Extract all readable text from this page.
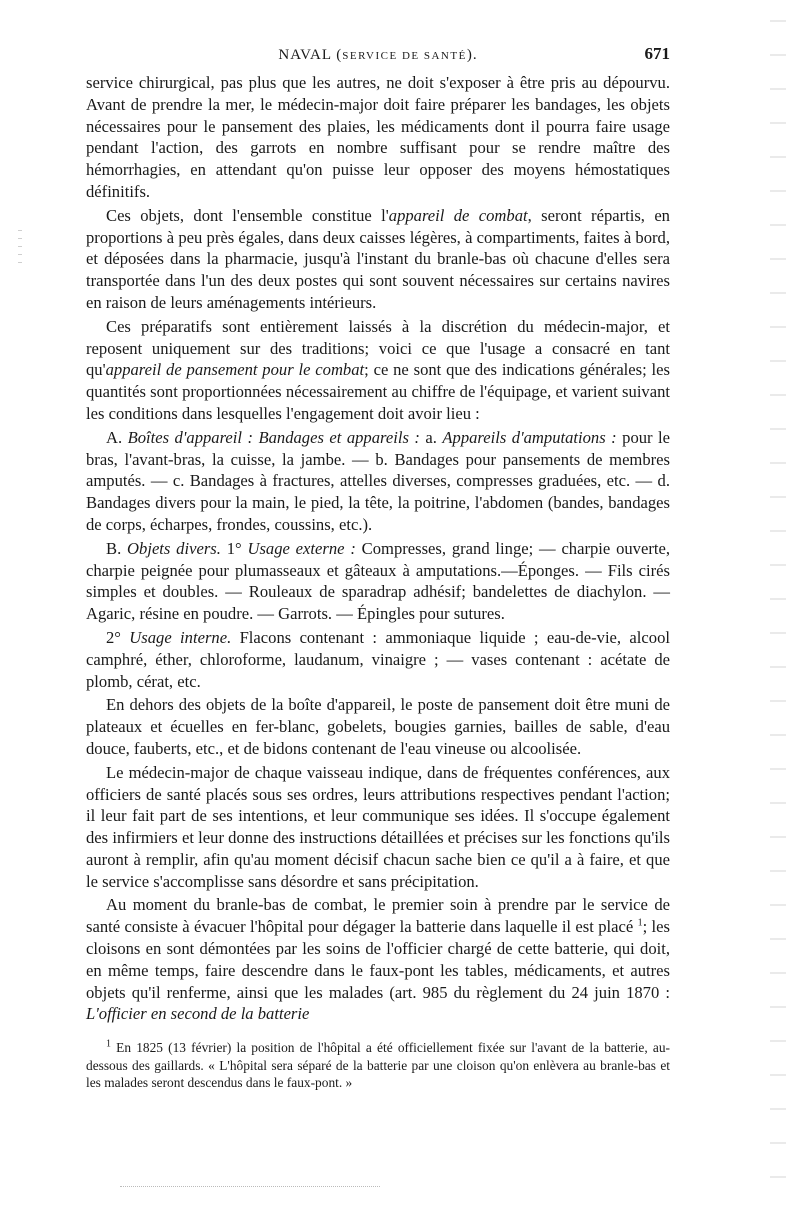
NAVAL (SERVICE DE SANTÉ).	671

service chirurgical, pas plus que les autres, ne doit s'exposer à être pris au dépourvu. Avant de prendre la mer, le médecin-major doit faire préparer les bandages, les objets nécessaires pour le pansement des plaies, les médicaments dont il pourra faire usage pendant l'action, des garrots en nombre suffisant pour se rendre maître des hémorrhagies, en attendant qu'on puisse leur opposer des moyens hémostatiques définitifs.

Ces objets, dont l'ensemble constitue l'appareil de combat, seront répartis, en proportions à peu près égales, dans deux caisses légères, à compartiments, faites à bord, et déposées dans la pharmacie, jusqu'à l'instant du branle-bas où chacune d'elles sera transportée dans l'un des deux postes qui sont souvent nécessaires sur certains navires en raison de leurs aménagements intérieurs.

Ces préparatifs sont entièrement laissés à la discrétion du médecin-major, et reposent uniquement sur des traditions; voici ce que l'usage a consacré en tant qu'appareil de pansement pour le combat; ce ne sont que des indications générales; les quantités sont proportionnées nécessairement au chiffre de l'équipage, et varient suivant les conditions dans lesquelles l'engagement doit avoir lieu :

A. Boîtes d'appareil : Bandages et appareils : a. Appareils d'amputations : pour le bras, l'avant-bras, la cuisse, la jambe. — b. Bandages pour pansements de membres amputés. — c. Bandages à fractures, attelles diverses, compresses graduées, etc. — d. Bandages divers pour la main, le pied, la tête, la poitrine, l'abdomen (bandes, bandages de corps, écharpes, frondes, coussins, etc.).

B. Objets divers. 1° Usage externe : Compresses, grand linge; — charpie ouverte, charpie peignée pour plumasseaux et gâteaux à amputations.—Éponges. — Fils cirés simples et doubles. — Rouleaux de sparadrap adhésif; bandelettes de diachylon. — Agaric, résine en poudre. — Garrots. — Épingles pour sutures.

2° Usage interne. Flacons contenant : ammoniaque liquide ; eau-de-vie, alcool camphré, éther, chloroforme, laudanum, vinaigre ; — vases contenant : acétate de plomb, cérat, etc.

En dehors des objets de la boîte d'appareil, le poste de pansement doit être muni de plateaux et écuelles en fer-blanc, gobelets, bougies garnies, bailles de sable, d'eau douce, fauberts, etc., et de bidons contenant de l'eau vineuse ou alcoolisée.

Le médecin-major de chaque vaisseau indique, dans de fréquentes conférences, aux officiers de santé placés sous ses ordres, leurs attributions respectives pendant l'action; il leur fait part de ses intentions, et leur communique ses idées. Il s'occupe également des infirmiers et leur donne des instructions détaillées et précises sur les fonctions qu'ils auront à remplir, afin qu'au moment décisif chacun sache bien ce qu'il a à faire, et que le service s'accomplisse sans désordre et sans précipitation.

Au moment du branle-bas de combat, le premier soin à prendre par le service de santé consiste à évacuer l'hôpital pour dégager la batterie dans laquelle il est placé $^1$; les cloisons en sont démontées par les soins de l'officier chargé de cette batterie, qui doit, en même temps, faire descendre dans le faux-pont les tables, médicaments, et autres objets qu'il renferme, ainsi que les malades (art. 985 du règlement du 24 juin 1870 : L'officier en second de la batterie

$^1$ En 1825 (13 février) la position de l'hôpital a été officiellement fixée sur l'avant de la batterie, au-dessous des gaillards. « L'hôpital sera séparé de la batterie par une cloison qu'on enlèvera au branle-bas et les malades seront descendus dans le faux-pont. »
